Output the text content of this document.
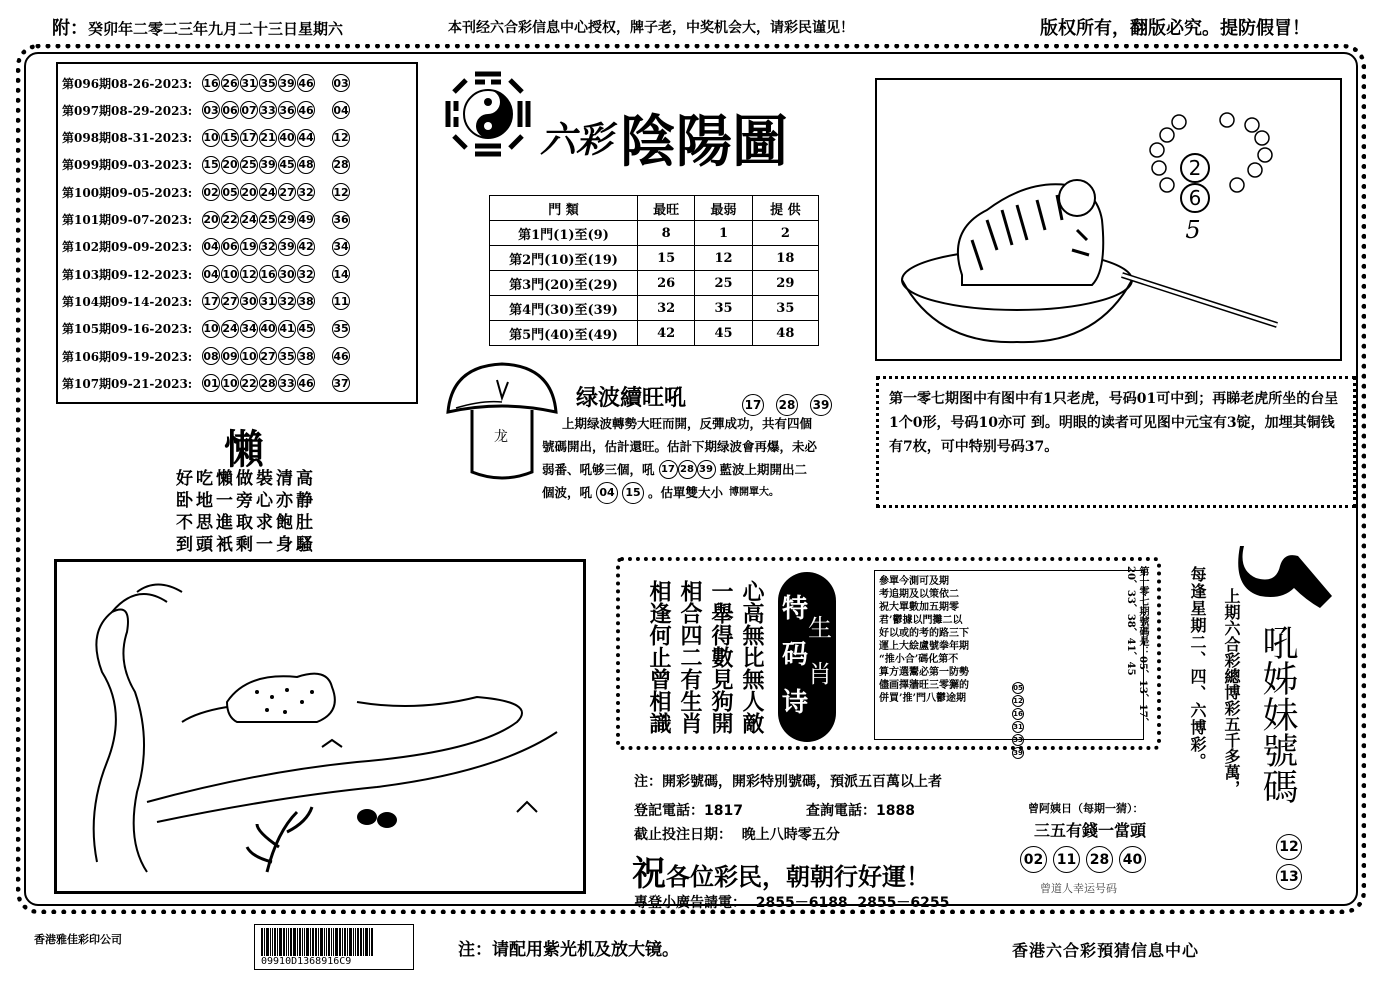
附：癸卯年二零二三年九月二十三日星期六	本刊经六合彩信息中心授权，牌子老，中奖机会大，请彩民谨见！	版权所有，翻版必究。提防假冒！
第096期08-26-2023:	16 26 31 35 39 46 03
第097期08-29-2023:	03 06 07 33 36 46 04
第098期08-31-2023:	10 15 17 21 40 44 12
第099期09-03-2023:	15 20 25 39 45 48 28
第100期09-05-2023:	02 05 20 24 27 32 12
第101期09-07-2023:	20 22 24 25 29 49 36
第102期09-09-2023:	04 06 19 32 39 42 34
第103期09-12-2023:	04 10 12 16 30 32 14
第104期09-14-2023:	17 27 30 31 32 38 11
第105期09-16-2023:	10 24 34 40 41 45 35
第106期09-19-2023:	08 09 10 27 35 38 46
第107期09-21-2023:	01 10 22 28 33 46 37
六彩 陰陽圖
門 類	最旺	最弱	提 供
第1門(1)至(9)	8	1	2
第2門(10)至(19)	15	12	18
第3門(20)至(29)	26	25	29
第4門(30)至(39)	32	35	35
第5門(40)至(49)	42	45	48
2
6
5
第一零七期图中有图中有1只老虎，号码01可中到；再睇老虎所坐的台呈1个0形，号码10亦可 到。明眼的读者可见图中元宝有3锭，加埋其铜钱有7枚，可中特别号码37。
龙
绿波續旺吼	17 28 39
上期绿波轉勢大旺而開，反彈成功，共有四個
號碼開出，估計還旺。估計下期绿波會再爆，未必
弱番、吼够三個，吼 17 28 39 藍波上期開出二
個波，吼 04 15 。估單雙大小 博開單大。
懶
好吃懶做裝清高
卧地一旁心亦静
不思進取求飽肚
到頭衹剩一身騷
心高無比無人敵
一舉得數見狗開
相合四二有生肖
相逢何止曾相識	特
生
码
肖
诗
參單今測可及期
考追期及以策依二
祝大單數加五期零
君’鬱據以門攤二以
好以或的考的路三下
運上大絵盧號拳年期
“推小合’碼化第不
算方選鬻必第一防勢
儘画擇牆旺三零獬的
併買’推’門八鬱途期	第一零七期號碼是：05、13、17、20、33、38、41、45
05
12
16
31
33
39
注：開彩號碼，開彩特別號碼，預派五百萬以上者
登記電話：1817	查詢電話：1888
截止投注日期：  晚上八時零五分
祝 各位彩民，朝朝行好運！
專登小廣告請電：  2855－6188  2855－6255
曾阿姨日（每期一猜）：
三五有錢一當頭
02 11 28 40
曾道人幸运号码
每逢星期二、四、六博彩。 上期六合彩總博彩五千多萬， 吼姊妹號碼
12
13
香港雅佳彩印公司
09910D1368916C9
注：请配用紫光机及放大镜。	香港六合彩預猜信息中心
